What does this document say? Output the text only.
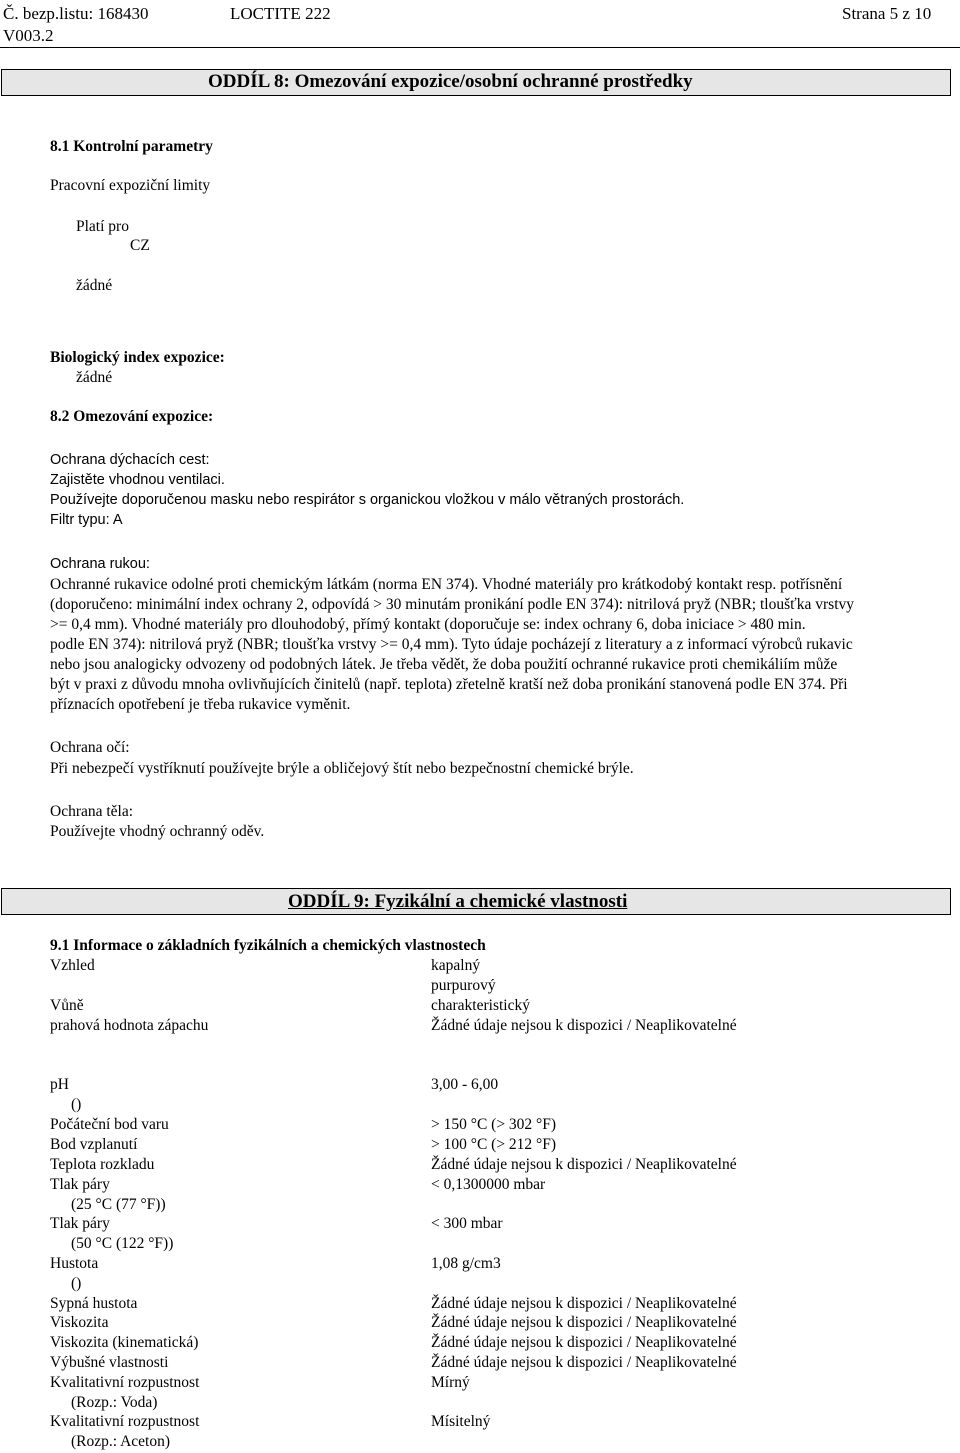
Č. bezp.listu: 168430	LOCTITE 222	Strana 5 z 10
V003.2
ODDÍL 8: Omezování expozice/osobní ochranné prostředky
8.1 Kontrolní parametry
Pracovní expoziční limity
Platí pro
CZ
žádné
Biologický index expozice:
žádné
8.2 Omezování expozice:
Ochrana dýchacích cest:
Zajistěte vhodnou ventilaci.
Používejte doporučenou masku nebo respirátor s organickou vložkou v málo větraných prostorách.
Filtr typu: A
Ochrana rukou:
Ochranné rukavice odolné proti chemickým látkám (norma EN 374). Vhodné materiály pro krátkodobý kontakt resp. potřísnění
(doporučeno: minimální index ochrany 2, odpovídá > 30 minutám pronikání podle EN 374): nitrilová pryž (NBR; tloušťka vrstvy
>= 0,4 mm). Vhodné materiály pro dlouhodobý, přímý kontakt (doporučuje se: index ochrany 6, doba iniciace > 480 min.
podle EN 374): nitrilová pryž (NBR; tloušťka vrstvy >= 0,4 mm). Tyto údaje pocházejí z literatury a z informací výrobců rukavic
nebo jsou analogicky odvozeny od podobných látek. Je třeba vědět, že doba použití ochranné rukavice proti chemikáliím může
být v praxi z důvodu mnoha ovlivňujících činitelů (např. teplota) zřetelně kratší než doba pronikání stanovená podle EN 374. Při
příznacích opotřebení je třeba rukavice vyměnit.
Ochrana očí:
Při nebezpečí vystříknutí používejte brýle a obličejový štít nebo bezpečnostní chemické brýle.
Ochrana těla:
Používejte vhodný ochranný oděv.
ODDÍL 9: Fyzikální a chemické vlastnosti
9.1 Informace o základních fyzikálních a chemických vlastnostech
Vzhled	kapalný
purpurový
Vůně	charakteristický
prahová hodnota zápachu	Žádné údaje nejsou k dispozici / Neaplikovatelné
pH	3,00 - 6,00
()
Počáteční bod varu	> 150 °C (> 302 °F)
Bod vzplanutí	> 100 °C (> 212 °F)
Teplota rozkladu	Žádné údaje nejsou k dispozici / Neaplikovatelné
Tlak páry	< 0,1300000 mbar
(25 °C (77 °F))
Tlak páry	< 300 mbar
(50 °C (122 °F))
Hustota	1,08 g/cm3
()
Sypná hustota	Žádné údaje nejsou k dispozici / Neaplikovatelné
Viskozita	Žádné údaje nejsou k dispozici / Neaplikovatelné
Viskozita (kinematická)	Žádné údaje nejsou k dispozici / Neaplikovatelné
Výbušné vlastnosti	Žádné údaje nejsou k dispozici / Neaplikovatelné
Kvalitativní rozpustnost	Mírný
(Rozp.: Voda)
Kvalitativní rozpustnost	Mísitelný
(Rozp.: Aceton)
